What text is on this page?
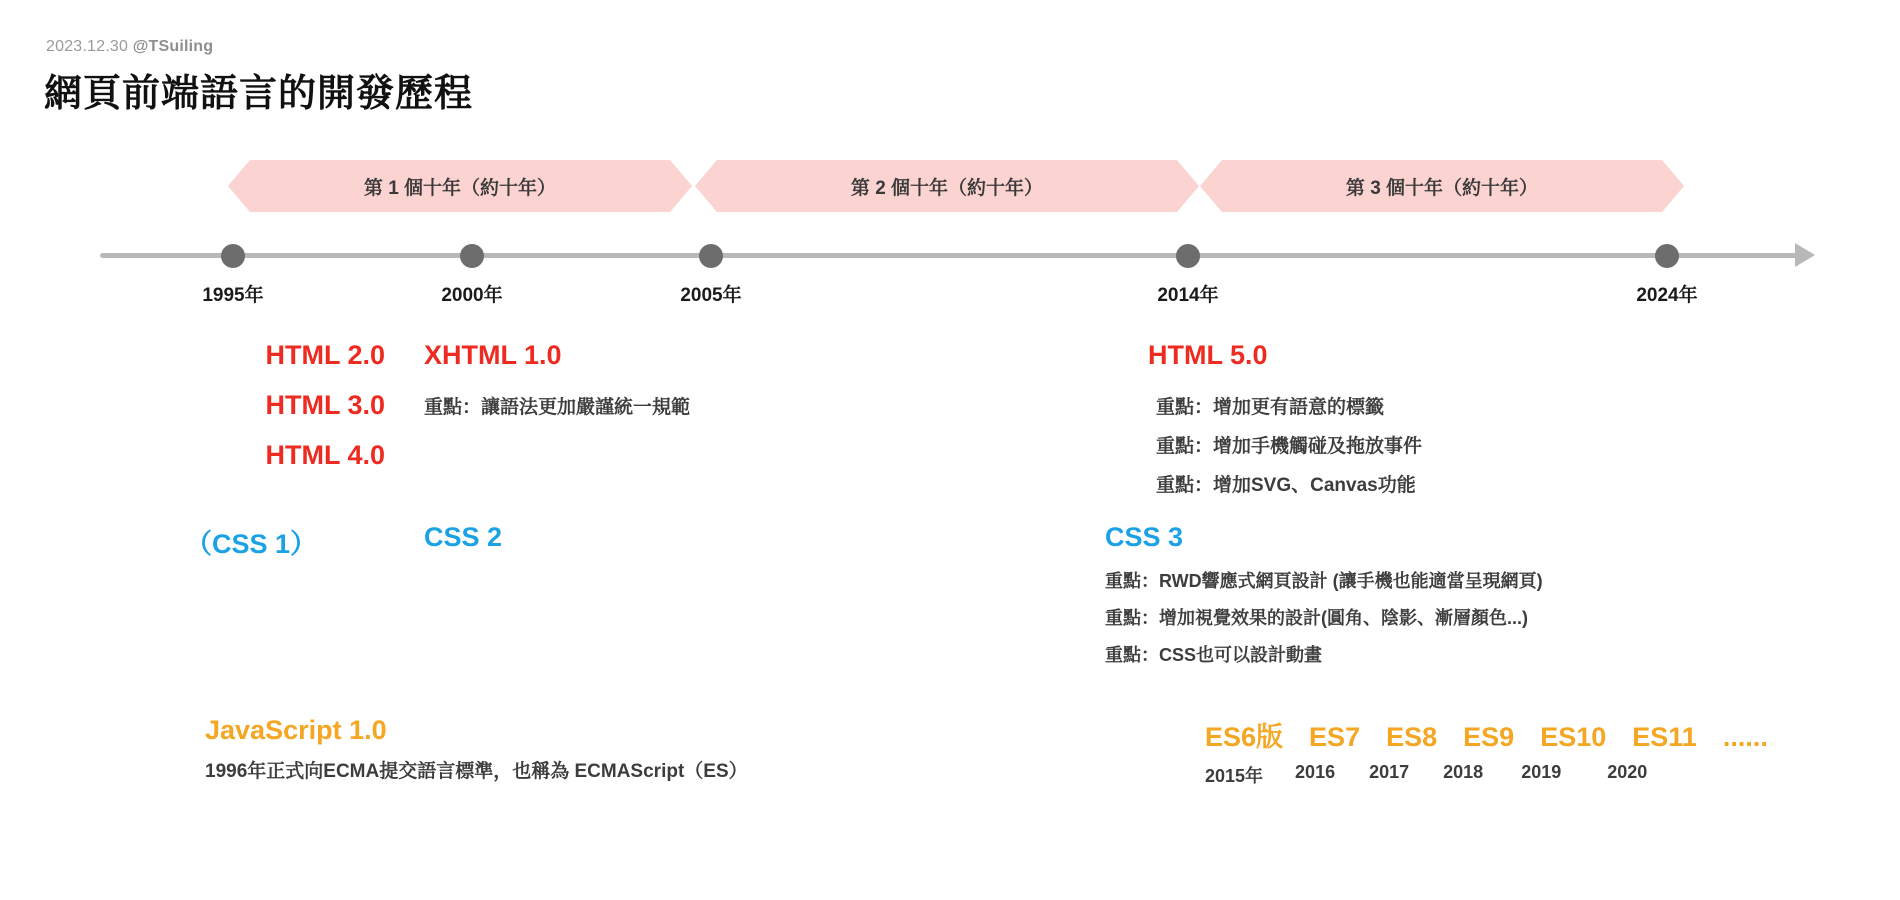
2023.12.30 @TSuiling
網頁前端語言的開發歷程
第 1 個十年（約十年）	第 2 個十年（約十年）	第 3 個十年（約十年）
1995年	2000年	2005年	2014年	2024年
HTML 2.0
HTML 3.0
HTML 4.0
XHTML 1.0
重點：讓語法更加嚴謹統一規範
HTML 5.0
重點：增加更有語意的標籤
重點：增加手機觸碰及拖放事件
重點：增加SVG、Canvas功能
（CSS 1）	CSS 2	CSS 3
重點：RWD響應式網頁設計 (讓手機也能適當呈現網頁)
重點：增加視覺效果的設計(圓角、陰影、漸層顏色...)
重點：CSS也可以設計動畫
JavaScript 1.0
1996年正式向ECMA提交語言標準，也稱為 ECMAScript（ES）
ES6版 ES7 ES8 ES9 ES10 ES11 ......
2015年 2016 2017 2018 2019	2020
